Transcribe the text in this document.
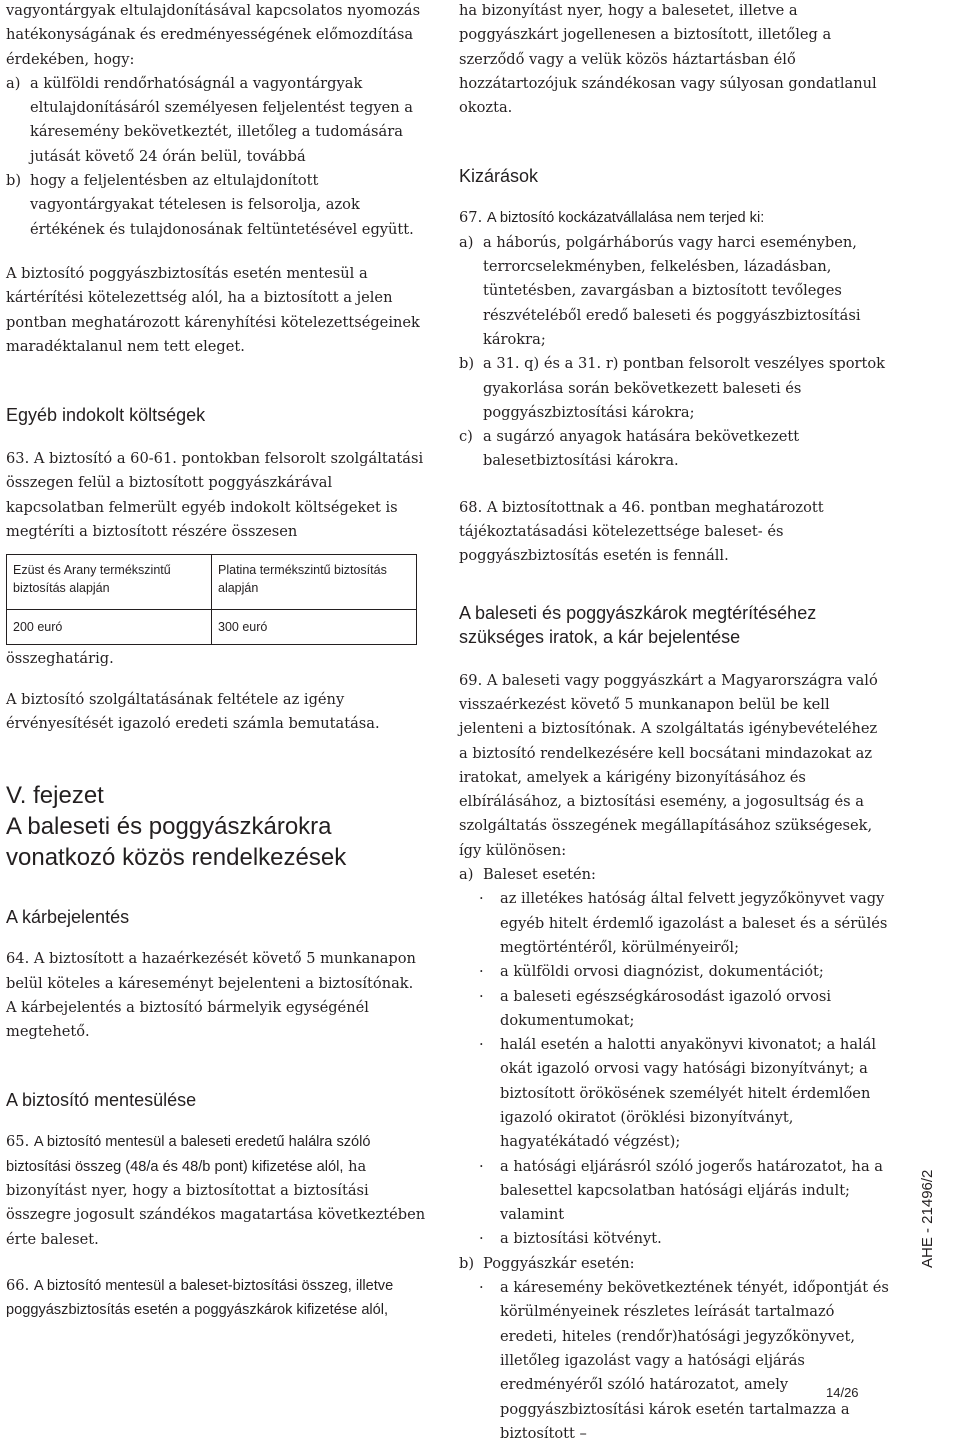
vagyontárgyak eltulajdonításával kapcsolatos nyomozás hatékonyságának és eredményességének előmozdítása érdekében, hogy:

a) a külföldi rendőrhatóságnál a vagyontárgyak eltulajdonításáról személyesen feljelentést tegyen a káresemény bekövetkeztét, illetőleg a tudomására jutását követő 24 órán belül, továbbá
b) hogy a feljelentésben az eltulajdonított vagyontárgyakat tételesen is felsorolja, azok értékének és tulajdonosának feltüntetésével együtt.

A biztosító poggyászbiztosítás esetén mentesül a kártérítési kötelezettség alól, ha a biztosított a jelen pontban meghatározott kárenyhítési kötelezettségeinek maradéktalanul nem tett eleget.

Egyéb indokolt költségek

63. A biztosító a 60-61. pontokban felsorolt szolgáltatási összegen felül a biztosított poggyászkárával kapcsolatban felmerült egyéb indokolt költségeket is megtéríti a biztosított részére összesen

Ezüst és Arany termékszintű biztosítás alapján	Platina termékszintű biztosítás alapján
200 euró	300 euró

összeghatárig.

A biztosító szolgáltatásának feltétele az igény érvényesítését igazoló eredeti számla bemutatása.

V. fejezet
A baleseti és poggyászkárokra
vonatkozó közös rendelkezések
A kárbejelentés

64. A biztosított a hazaérkezését követő 5 munkanapon belül köteles a káreseményt bejelenteni a biztosítónak. A kárbejelentés a biztosító bármelyik egységénél megtehető.

A biztosító mentesülése

65. A biztosító mentesül a baleseti eredetű halálra szóló biztosítási összeg (48/a és 48/b pont) kifizetése alól, ha bizonyítást nyer, hogy a biztosítottat a biztosítási összegre jogosult szándékos magatartása következtében érte baleset.

66. A biztosító mentesül a baleset-biztosítási összeg, illetve poggyászbiztosítás esetén a poggyászkárok kifizetése alól,

ha bizonyítást nyer, hogy a balesetet, illetve a poggyászkárt jogellenesen a biztosított, illetőleg a szerződő vagy a velük közös háztartásban élő hozzátartozójuk szándékosan vagy súlyosan gondatlanul okozta.

Kizárások

67. A biztosító kockázatvállalása nem terjed ki:

a) a háborús, polgárháborús vagy harci eseményben, terrorcselekményben, felkelésben, lázadásban, tüntetésben, zavargásban a biztosított tevőleges részvételéből eredő baleseti és poggyászbiztosítási károkra;
b) a 31. q) és a 31. r) pontban felsorolt veszélyes sportok gyakorlása során bekövetkezett baleseti és poggyászbiztosítási károkra;
c) a sugárzó anyagok hatására bekövetkezett balesetbiztosítási károkra.

68. A biztosítottnak a 46. pontban meghatározott tájékoztatásadási kötelezettsége baleset- és poggyászbiztosítás esetén is fennáll.

A baleseti és poggyászkárok megtérítéséhez
szükséges iratok, a kár bejelentése

69. A baleseti vagy poggyászkárt a Magyarországra való visszaérkezést követő 5 munkanapon belül be kell jelenteni a biztosítónak. A szolgáltatás igénybevételéhez a biztosító rendelkezésére kell bocsátani mindazokat az iratokat, amelyek a kárigény bizonyításához és elbírálásához, a biztosítási esemény, a jogosultság és a szolgáltatás összegének megállapításához szükségesek, így különösen:

a) Baleset esetén:
·	az illetékes hatóság által felvett jegyzőkönyvet vagy egyéb hitelt érdemlő igazolást a baleset és a sérülés megtörténtéről, körülményeiről;
·	a külföldi orvosi diagnózist, dokumentációt;
·	a baleseti egészségkárosodást igazoló orvosi dokumentumokat;
·	halál esetén a halotti anyakönyvi kivonatot; a halál okát igazoló orvosi vagy hatósági bizonyítványt; a biztosított örökösének személyét hitelt érdemlően igazoló okiratot (öröklési bizonyítványt, hagyatékátadó végzést);
·	a hatósági eljárásról szóló jogerős határozatot, ha a balesettel kapcsolatban hatósági eljárás indult; valamint
·	a biztosítási kötvényt.
b) Poggyászkár esetén:
·	a káresemény bekövetkeztének tényét, időpontját és körülményeinek részletes leírását tartalmazó eredeti, hiteles (rendőr)hatósági jegyzőkönyvet, illetőleg igazolást vagy a hatósági eljárás eredményéről szóló határozatot, amely poggyászbiztosítási károk esetén tartalmazza a biztosított –
AHE - 21496/2
14/26
